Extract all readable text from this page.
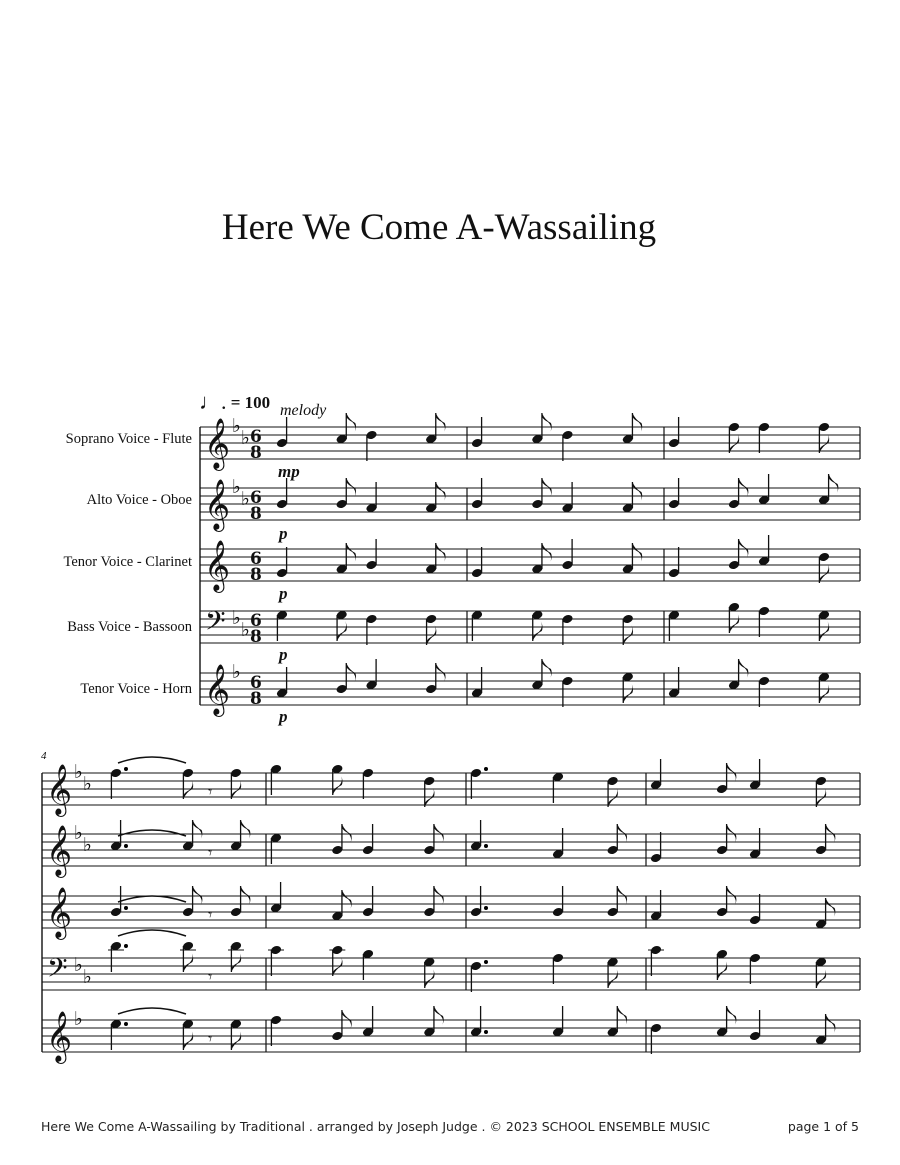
Here We Come A-Wassailing
♩. = 100 melody
Soprano Voice - Flute
Alto Voice - Oboe
Tenor Voice - Clarinet
Bass Voice - Bassoon
Tenor Voice - Horn
mp
p
p
p
p
4
𝄞 ♭
♭ 6
8
𝄞 ♭
♭ 6
8
𝄞 6
8
𝄢 ♭
♭ 6
8
𝄞 ♭ 6
8
𝄞 ♭
♭	𝄾
𝄞 ♭
♭	𝄾
𝄞	𝄾
𝄢 ♭
♭	𝄾
𝄞 ♭
𝄾
Here We Come A-Wassailing by Traditional . arranged by Joseph Judge . © 2023 SCHOOL ENSEMBLE MUSIC	page 1 of 5
